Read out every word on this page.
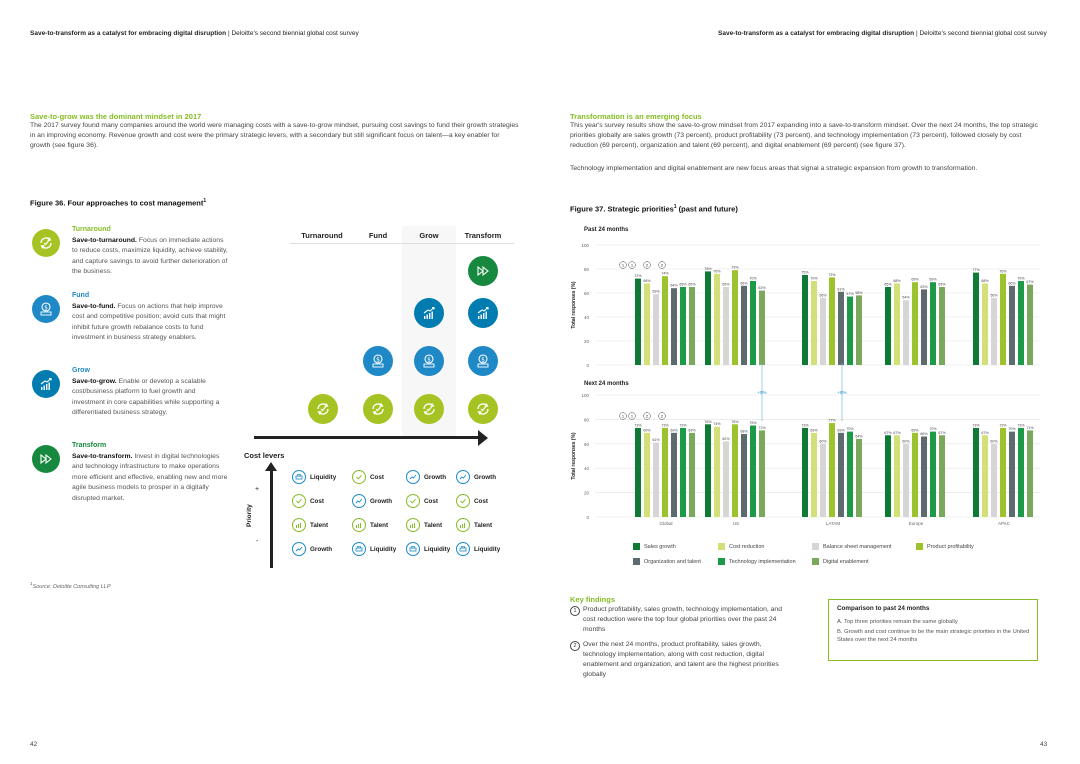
Save-to-transform as a catalyst for embracing digital disruption | Deloitte's second biennial global cost survey	Save-to-transform as a catalyst for embracing digital disruption | Deloitte's second biennial global cost survey
Save-to-grow was the dominant mindset in 2017
The 2017 survey found many companies around the world were managing costs with a save-to-grow mindset, pursuing cost savings to fund their growth strategies in an improving economy. Revenue growth and cost were the primary strategic levers, with a secondary but still significant focus on talent—a key enabler for growth (see figure 36).
Figure 36. Four approaches to cost management$^1$
Turnaround
Save-to-turnaround. Focus on immediate actions to reduce costs, maximize liquidity, achieve stability, and capture savings to avoid further deterioration of the business.
$
Fund
Save-to-fund. Focus on actions that help improve cost and competitive position; avoid cuts that might inhibit future growth rebalance costs to fund investment in business strategy enablers.
Grow
Save-to-grow. Enable or develop a scalable cost/business platform to fuel growth and investment in core capabilities while supporting a differentiated business strategy.
Transform
Save-to-transform. Invest in digital technologies and technology infrastructure to make operations more efficient and effective, enabling new and more agile business models to prosper in a digitally disrupted market.
Turnaround	Fund	Grow	Transform
$	$	$
Cost levers
Priority
+
-
Liquidity	Cost	Growth	Growth
Cost	Growth	Cost	Cost
Talent	Talent	Talent	Talent
Growth	Liquidity	Liquidity	Liquidity
$^1$Source: Deloitte Consulting LLP
Transformation is an emerging focus
This year's survey results show the save-to-grow mindset from 2017 expanding into a save-to-transform mindset. Over the next 24 months, the top strategic priorities globally are sales growth (73 percent), product profitability (73 percent), and technology implementation (73 percent), followed closely by cost reduction (69 percent), organization and talent (69 percent), and digital enablement (69 percent) (see figure 37).
Technology implementation and digital enablement are new focus areas that signal a strategic expansion from growth to transformation.
Figure 37. Strategic priorities$^1$ (past and future)
Past 24 months
Next 24 months
0
20
40
60
80
100
Total responses (%)
72%
68%
59%
74%
64% 65% 65%
78%
76%
65%
79%
66%
70%
62%
75%
70%
56%
73%
61%
57% 58%
65%
68%
54%
69%
63%
69%
65%
77%
68%
56%
76%
66%
70%
67%
0
20
40
60
80
100
Total responses (%)
73%
69%
61%
73%
69%
73%
69%
Global
76%
74%
62%
76%
68%
75%
71%
US
73%
69%
60%
77%
69% 70%
64%
LATAM
67% 67%
60%
69%
66%
70%
67%
Europe
73%
67%
60%
73%
70%
73%
71%
APAC
1
1
1
1
2
2
2
2
+9%	+8%
Sales growth	Cost reduction	Balance sheet management	Product profitability
Organization and talent	Technology implementation	Digital enablement
Key findings
1 Product profitability, sales growth, technology implementation, and cost reduction were the top four global priorities over the past 24 months
2 Over the next 24 months, product profitability, sales growth, technology implementation, along with cost reduction, digital enablement and organization, and talent are the highest priorities globally
Comparison to past 24 months
A. Top three priorities remain the same globally
B. Growth and cost continue to be the main strategic priorities in the United States over the next 24 months
42	43
